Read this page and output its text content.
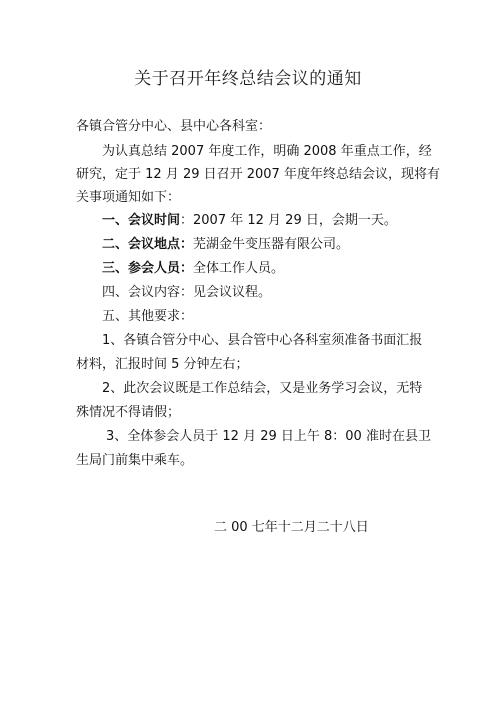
关于召开年终总结会议的通知
各镇合管分中心、县中心各科室：
为认真总结 2007 年度工作，明确 2008 年重点工作，经
研究，定于 12 月 29 日召开 2007 年度年终总结会议，现将有
关事项通知如下：
一、会议时间：2007 年 12 月 29 日，会期一天。
二、会议地点：芜湖金牛变压器有限公司。
三、参会人员：全体工作人员。
四、会议内容：见会议议程。
五、其他要求：
1、各镇合管分中心、县合管中心各科室须准备书面汇报
材料，汇报时间 5 分钟左右；
2、此次会议既是工作总结会，又是业务学习会议，无特
殊情况不得请假；
3、全体参会人员于 12 月 29 日上午 8：00 准时在县卫
生局门前集中乘车。
二 00 七年十二月二十八日
